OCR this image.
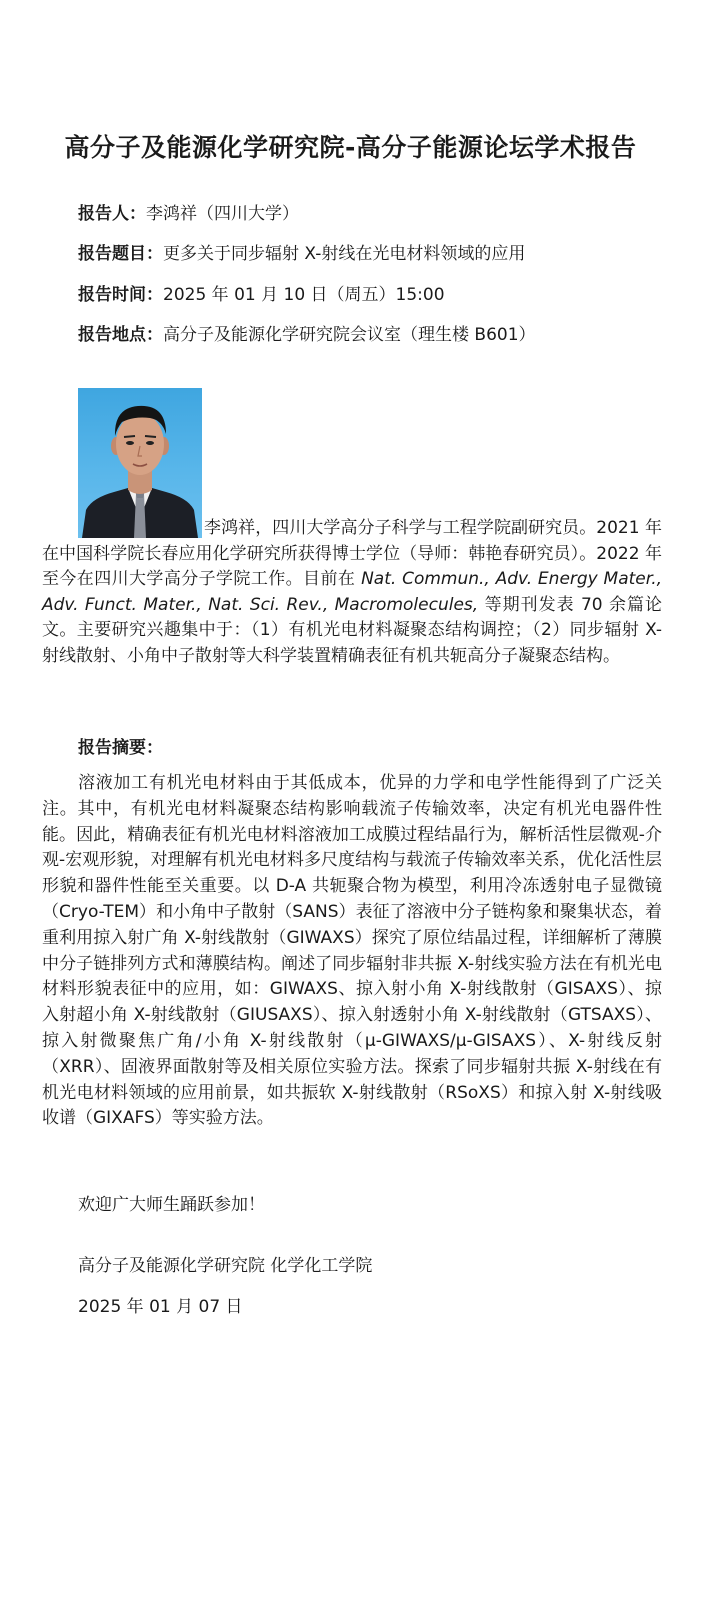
高分子及能源化学研究院-高分子能源论坛学术报告
报告人：李鸿祥（四川大学）
报告题目：更多关于同步辐射 X-射线在光电材料领域的应用
报告时间：2025 年 01 月 10 日（周五）15:00
报告地点：高分子及能源化学研究院会议室（理生楼 B601）
李鸿祥，四川大学高分子科学与工程学院副研究员。2021 年在中国科学院长春应用化学研究所获得博士学位（导师：韩艳春研究员）。2022 年至今在四川大学高分子学院工作。目前在 Nat. Commun., Adv. Energy Mater., Adv. Funct. Mater., Nat. Sci. Rev., Macromolecules, 等期刊发表 70 余篇论文。主要研究兴趣集中于：（1）有机光电材料凝聚态结构调控；（2）同步辐射 X-射线散射、小角中子散射等大科学装置精确表征有机共轭高分子凝聚态结构。
报告摘要：

溶液加工有机光电材料由于其低成本，优异的力学和电学性能得到了广泛关注。其中，有机光电材料凝聚态结构影响载流子传输效率，决定有机光电器件性能。因此，精确表征有机光电材料溶液加工成膜过程结晶行为，解析活性层微观-介观-宏观形貌，对理解有机光电材料多尺度结构与载流子传输效率关系，优化活性层形貌和器件性能至关重要。以 D-A 共轭聚合物为模型，利用冷冻透射电子显微镜（Cryo-TEM）和小角中子散射（SANS）表征了溶液中分子链构象和聚集状态，着重利用掠入射广角 X-射线散射（GIWAXS）探究了原位结晶过程，详细解析了薄膜中分子链排列方式和薄膜结构。阐述了同步辐射非共振 X-射线实验方法在有机光电材料形貌表征中的应用，如：GIWAXS、掠入射小角 X-射线散射（GISAXS）、掠入射超小角 X-射线散射（GIUSAXS）、掠入射透射小角 X-射线散射（GTSAXS）、掠入射微聚焦广角/小角 X-射线散射（μ-GIWAXS/μ-GISAXS）、X-射线反射（XRR）、固液界面散射等及相关原位实验方法。探索了同步辐射共振 X-射线在有机光电材料领域的应用前景，如共振软 X-射线散射（RSoXS）和掠入射 X-射线吸收谱（GIXAFS）等实验方法。

欢迎广大师生踊跃参加！
高分子及能源化学研究院 化学化工学院
2025 年 01 月 07 日
